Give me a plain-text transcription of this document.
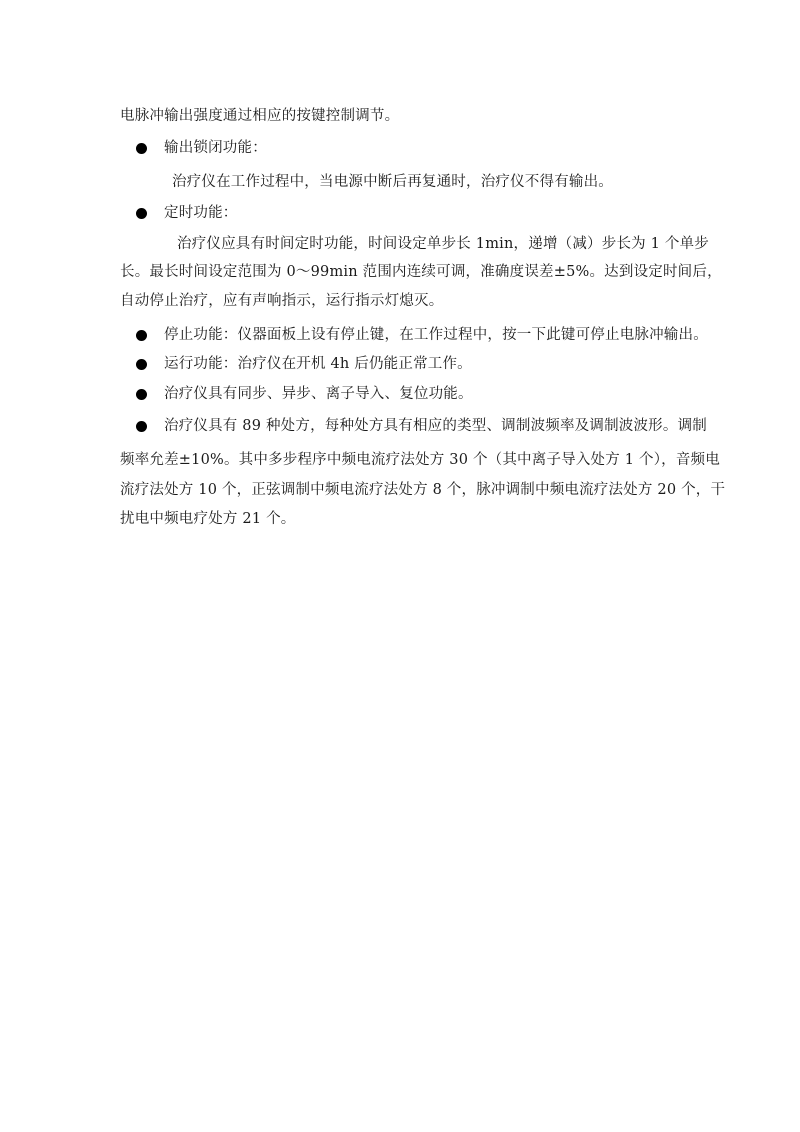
电脉冲输出强度通过相应的按键控制调节。
输出锁闭功能：
治疗仪在工作过程中，当电源中断后再复通时，治疗仪不得有输出。
定时功能：
治疗仪应具有时间定时功能，时间设定单步长 1min，递增（减）步长为 1 个单步
长。最长时间设定范围为 0～99min 范围内连续可调，准确度误差±5%。达到设定时间后，
自动停止治疗，应有声响指示，运行指示灯熄灭。
停止功能：仪器面板上设有停止键，在工作过程中，按一下此键可停止电脉冲输出。
运行功能：治疗仪在开机 4h 后仍能正常工作。
治疗仪具有同步、异步、离子导入、复位功能。
治疗仪具有 89 种处方，每种处方具有相应的类型、调制波频率及调制波波形。调制
频率允差±10%。其中多步程序中频电流疗法处方 30 个（其中离子导入处方 1 个），音频电
流疗法处方 10 个，正弦调制中频电流疗法处方 8 个，脉冲调制中频电流疗法处方 20 个，干
扰电中频电疗处方 21 个。
